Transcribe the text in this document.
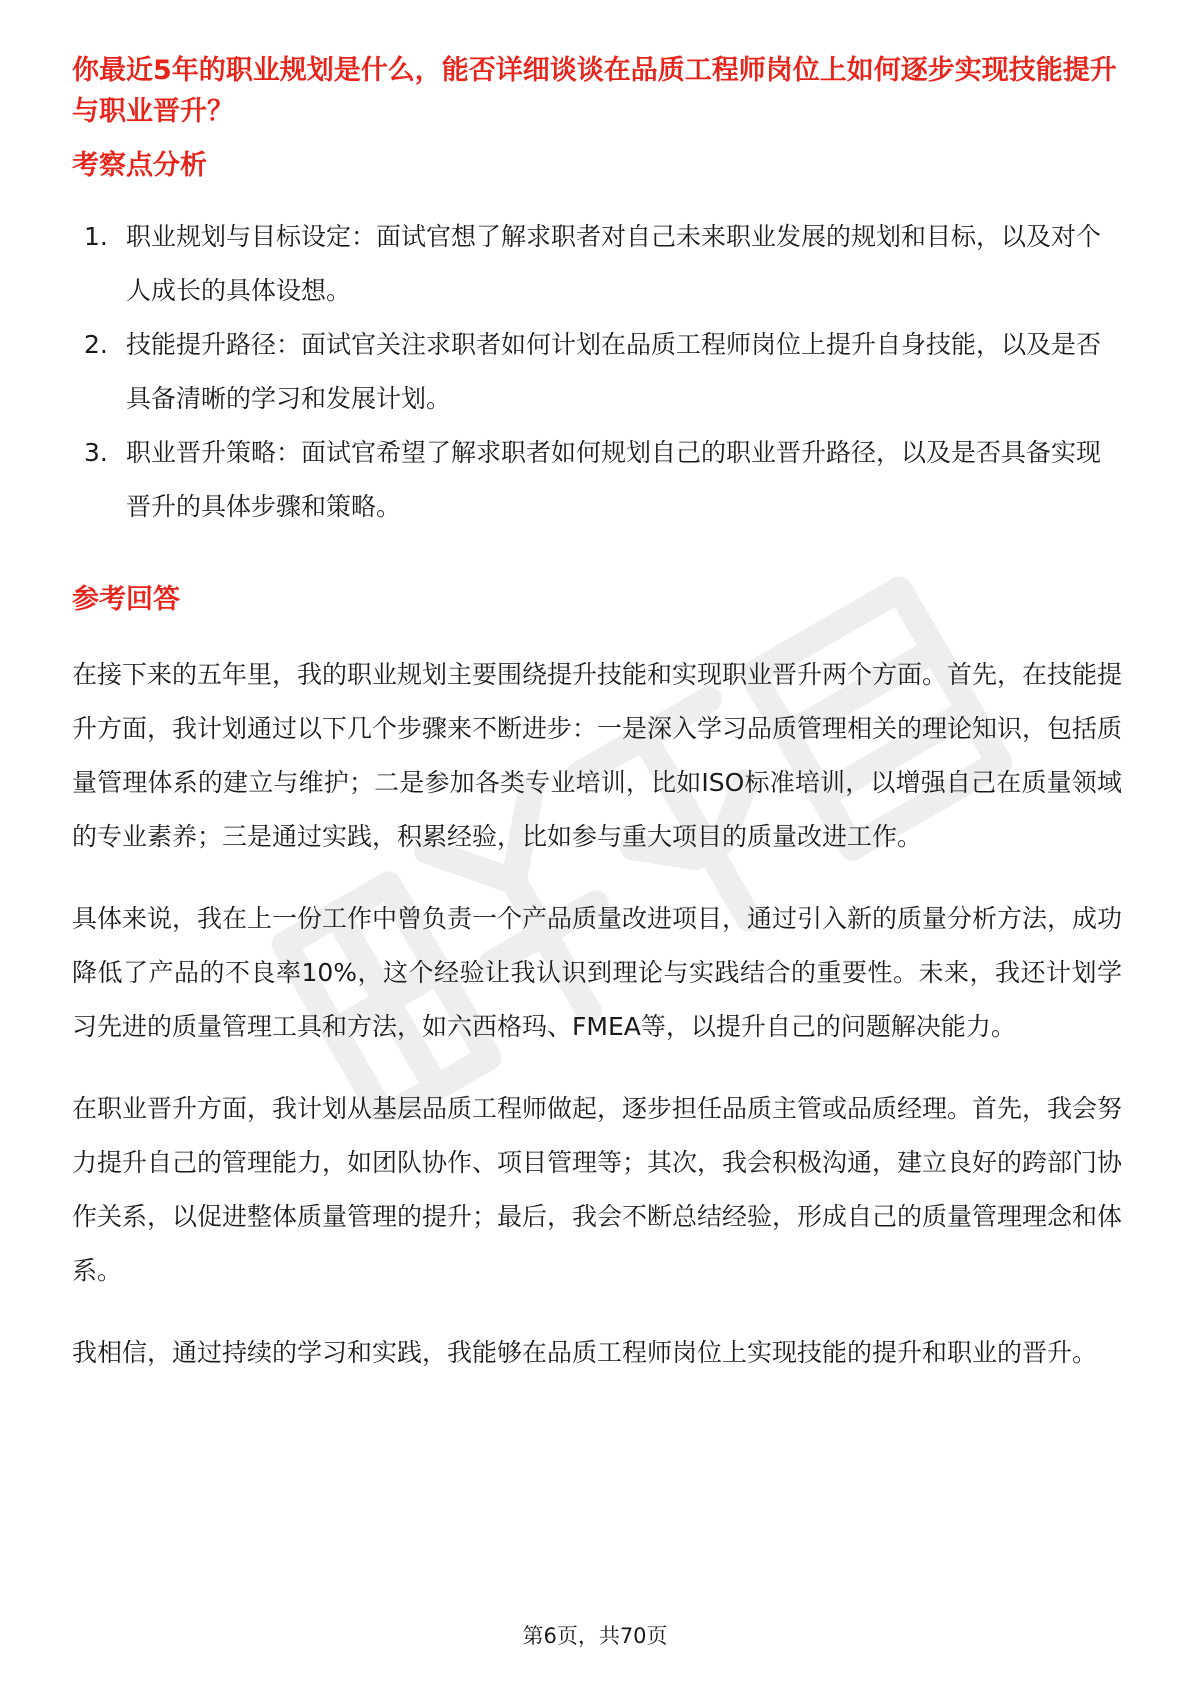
你最近5年的职业规划是什么，能否详细谈谈在品质工程师岗位上如何逐步实现技能提升与职业晋升？

考察点分析

1. 职业规划与目标设定：面试官想了解求职者对自己未来职业发展的规划和目标，以及对个人成长的具体设想。
2. 技能提升路径：面试官关注求职者如何计划在品质工程师岗位上提升自身技能，以及是否具备清晰的学习和发展计划。
3. 职业晋升策略：面试官希望了解求职者如何规划自己的职业晋升路径，以及是否具备实现晋升的具体步骤和策略。

参考回答

在接下来的五年里，我的职业规划主要围绕提升技能和实现职业晋升两个方面。首先，在技能提升方面，我计划通过以下几个步骤来不断进步：一是深入学习品质管理相关的理论知识，包括质量管理体系的建立与维护；二是参加各类专业培训，比如ISO标准培训，以增强自己在质量领域的专业素养；三是通过实践，积累经验，比如参与重大项目的质量改进工作。

具体来说，我在上一份工作中曾负责一个产品质量改进项目，通过引入新的质量分析方法，成功降低了产品的不良率10%，这个经验让我认识到理论与实践结合的重要性。未来，我还计划学习先进的质量管理工具和方法，如六西格玛、FMEA等，以提升自己的问题解决能力。

在职业晋升方面，我计划从基层品质工程师做起，逐步担任品质主管或品质经理。首先，我会努力提升自己的管理能力，如团队协作、项目管理等；其次，我会积极沟通，建立良好的跨部门协作关系，以促进整体质量管理的提升；最后，我会不断总结经验，形成自己的质量管理理念和体系。

我相信，通过持续的学习和实践，我能够在品质工程师岗位上实现技能的提升和职业的晋升。

第6页，共70页
